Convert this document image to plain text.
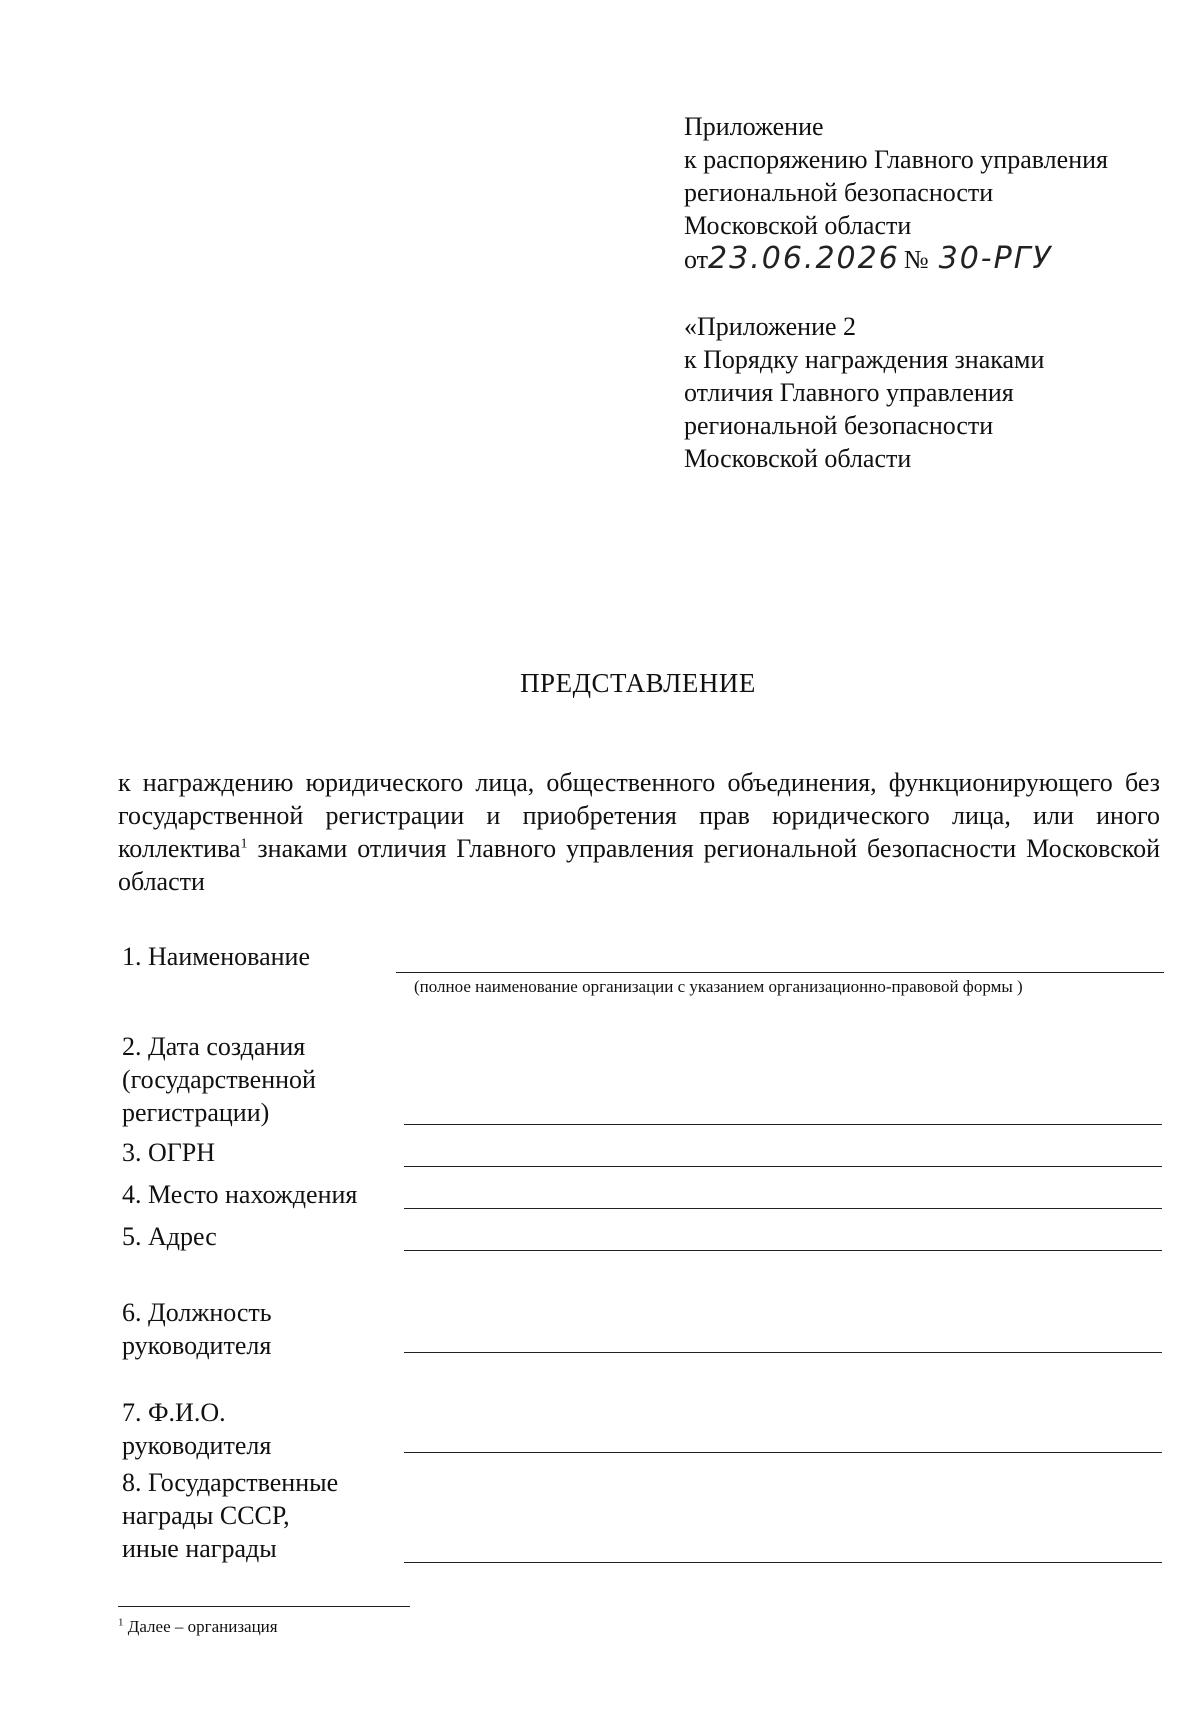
Приложение
к распоряжению Главного управления
региональной безопасности
Московской области
от 23.06.2026 № 30-РГУ
«Приложение 2
к Порядку награждения знаками
отличия Главного управления
региональной безопасности
Московской области
ПРЕДСТАВЛЕНИЕ
к награждению юридического лица, общественного объединения, функционирующего без государственной регистрации и приобретения прав юридического лица, или иного коллектива$^1$ знаками отличия Главного управления региональной безопасности Московской области
1. Наименование
(полное наименование организации с указанием организационно-правовой формы )
2. Дата создания
(государственной
регистрации)
3. ОГРН
4. Место нахождения
5. Адрес
6. Должность
руководителя
7. Ф.И.О.
руководителя
8. Государственные
награды СССР,
иные награды
$^1$ Далее – организация
